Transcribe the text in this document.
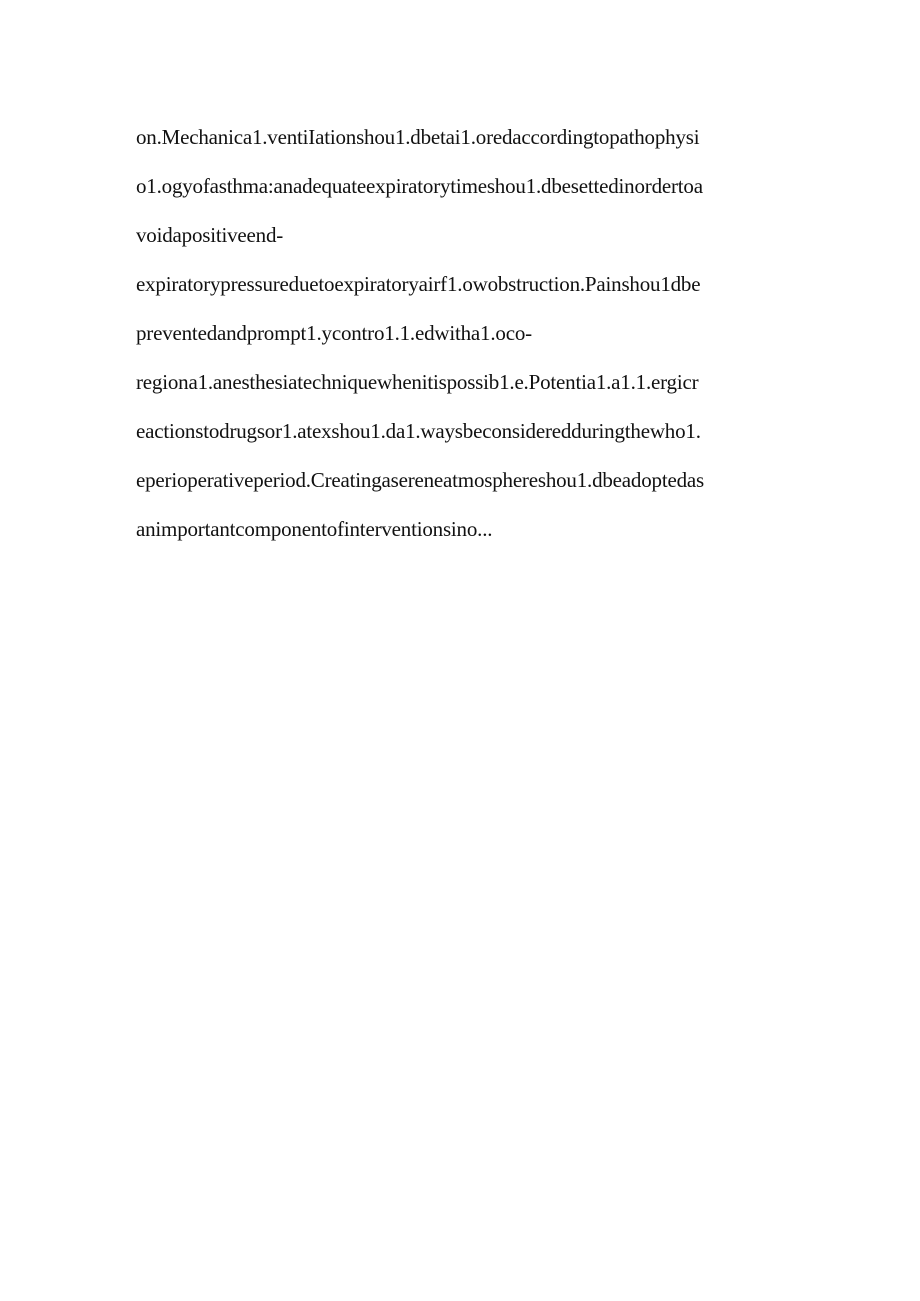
on.Mechanica1.ventiIationshou1.dbetai1.oredaccordingtopathophysi
o1.ogyofasthma:anadequateexpiratorytimeshou1.dbesettedinordertoa
voidapositiveend-
expiratorypressureduetoexpiratoryairf1.owobstruction.Painshou1dbe
preventedandprompt1.ycontro1.1.edwitha1.oco-
regiona1.anesthesiatechniquewhenitispossib1.e.Potentia1.a1.1.ergicr
eactionstodrugsor1.atexshou1.da1.waysbeconsideredduringthewho1.
eperioperativeperiod.Creatingasereneatmosphereshou1.dbeadoptedas
animportantcomponentofinterventionsino...
